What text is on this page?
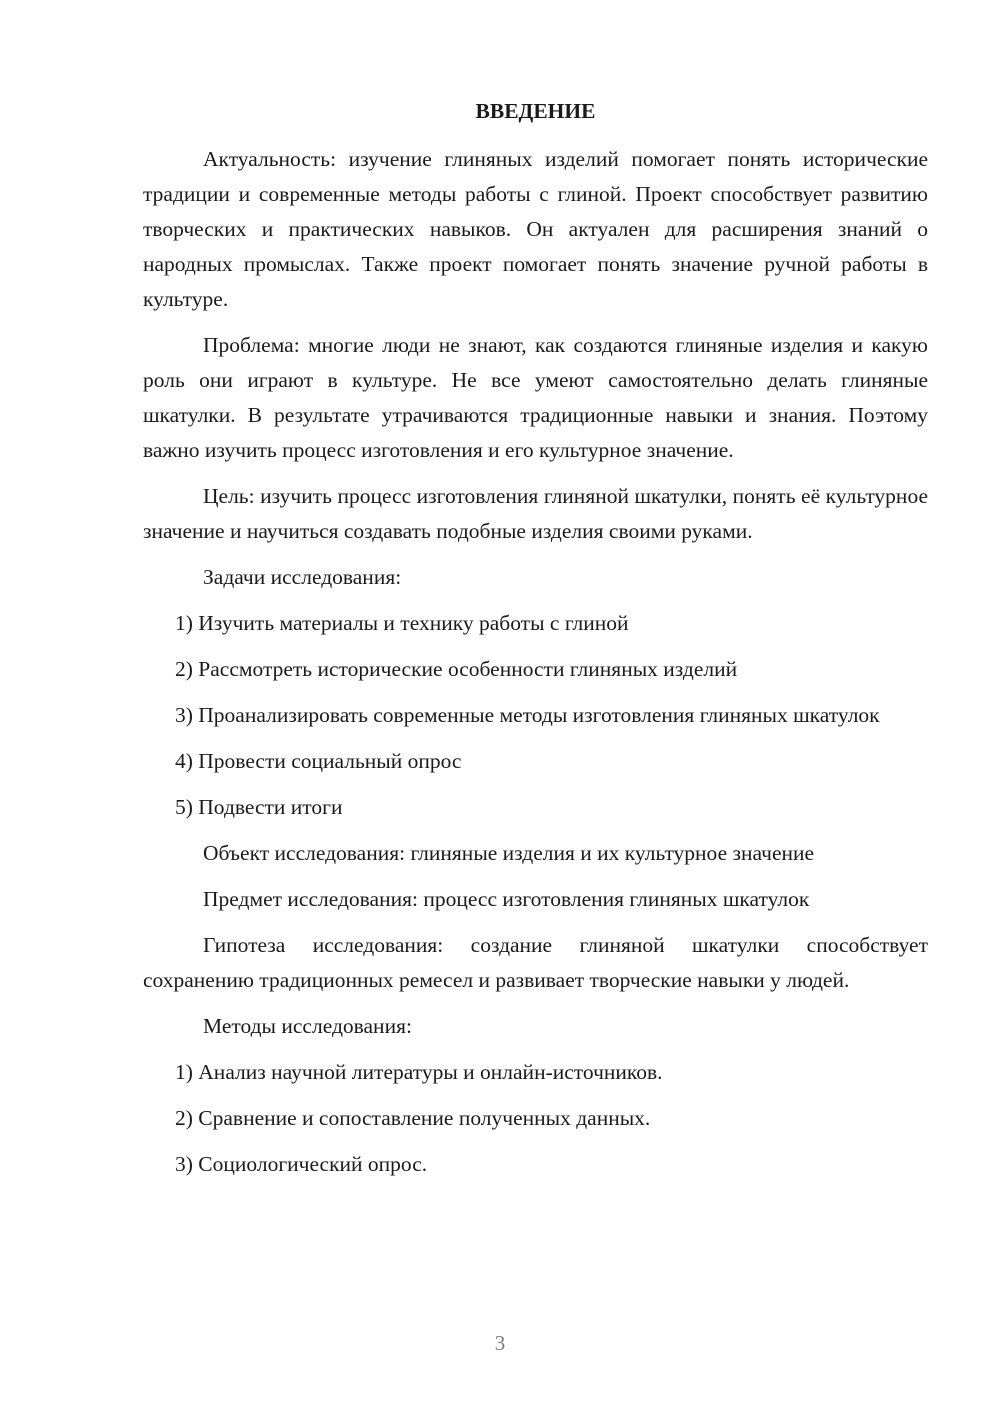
ВВЕДЕНИЕ

Актуальность: изучение глиняных изделий помогает понять исторические традиции и современные методы работы с глиной. Проект способствует развитию творческих и практических навыков. Он актуален для расширения знаний о народных промыслах. Также проект помогает понять значение ручной работы в культуре.

Проблема: многие люди не знают, как создаются глиняные изделия и какую роль они играют в культуре. Не все умеют самостоятельно делать глиняные шкатулки. В результате утрачиваются традиционные навыки и знания. Поэтому важно изучить процесс изготовления и его культурное значение.

Цель: изучить процесс изготовления глиняной шкатулки, понять её культурное значение и научиться создавать подобные изделия своими руками.

Задачи исследования:

1) Изучить материалы и технику работы с глиной

2) Рассмотреть исторические особенности глиняных изделий

3) Проанализировать современные методы изготовления глиняных шкатулок

4) Провести социальный опрос

5) Подвести итоги

Объект исследования: глиняные изделия и их культурное значение

Предмет исследования: процесс изготовления глиняных шкатулок

Гипотеза исследования: создание глиняной шкатулки способствует сохранению традиционных ремесел и развивает творческие навыки у людей.

Методы исследования:

1) Анализ научной литературы и онлайн-источников.

2) Сравнение и сопоставление полученных данных.

3) Социологический опрос.

3
